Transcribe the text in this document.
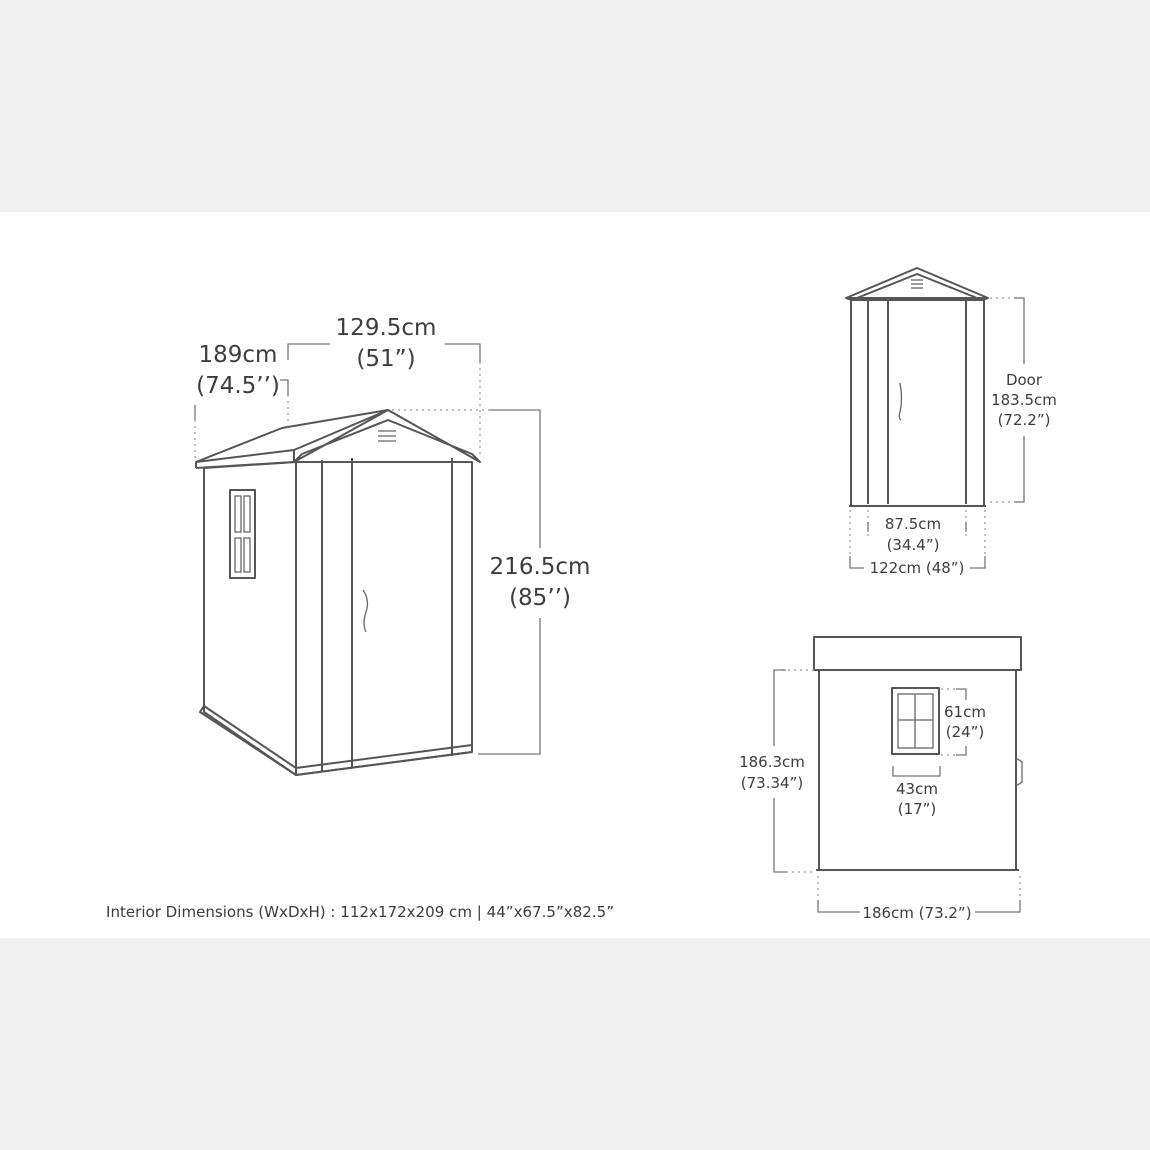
189cm
(74.5’’)
129.5cm
(51”)
216.5cm
(85’’)
Door
183.5cm
(72.2”)
87.5cm
(34.4”)
122cm (48”)
186.3cm
(73.34”)
61cm
(24”)
43cm
(17”)
186cm (73.2”)
Interior Dimensions (WxDxH) : 112x172x209 cm | 44”x67.5”x82.5”
